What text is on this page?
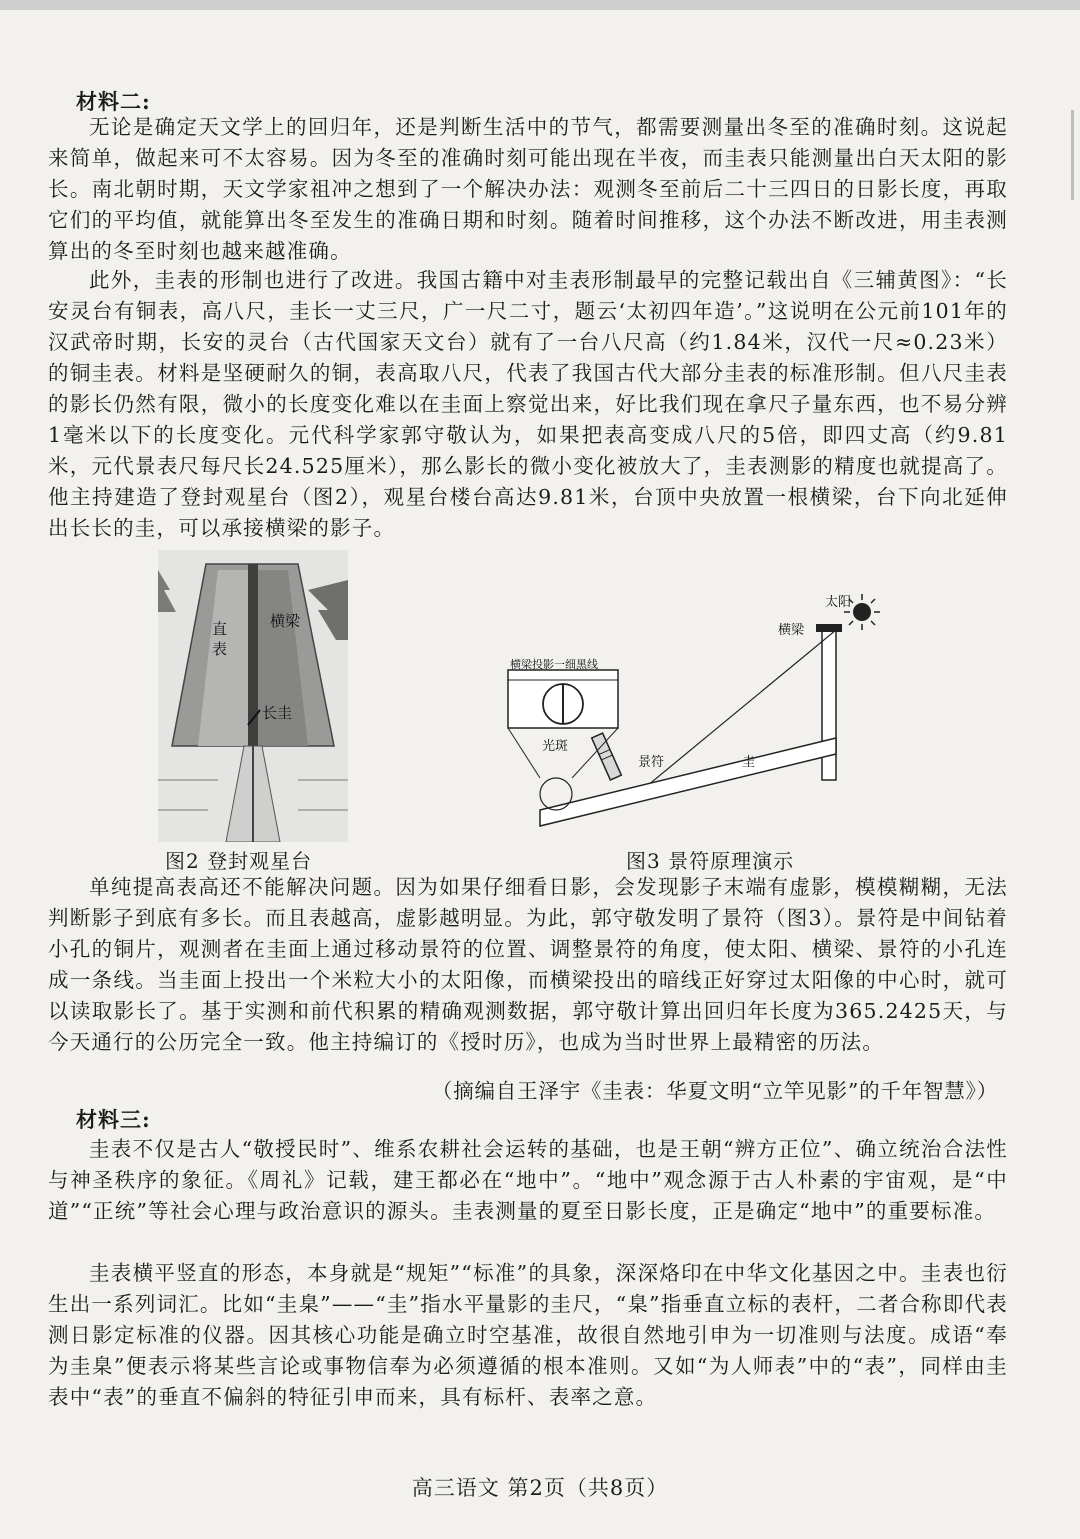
材料二:

无论是确定天文学上的回归年，还是判断生活中的节气，都需要测量出冬至的准确时刻。这说起来简单，做起来可不太容易。因为冬至的准确时刻可能出现在半夜，而圭表只能测量出白天太阳的影长。南北朝时期，天文学家祖冲之想到了一个解决办法：观测冬至前后二十三四日的日影长度，再取它们的平均值，就能算出冬至发生的准确日期和时刻。随着时间推移，这个办法不断改进，用圭表测算出的冬至时刻也越来越准确。

此外，圭表的形制也进行了改进。我国古籍中对圭表形制最早的完整记载出自《三辅黄图》：“长安灵台有铜表，高八尺，圭长一丈三尺，广一尺二寸，题云‘太初四年造’。”这说明在公元前101年的汉武帝时期，长安的灵台（古代国家天文台）就有了一台八尺高（约1.84米，汉代一尺≈0.23米）的铜圭表。材料是坚硬耐久的铜，表高取八尺，代表了我国古代大部分圭表的标准形制。但八尺圭表的影长仍然有限，微小的长度变化难以在圭面上察觉出来，好比我们现在拿尺子量东西，也不易分辨1毫米以下的长度变化。元代科学家郭守敬认为，如果把表高变成八尺的5倍，即四丈高（约9.81米，元代景表尺每尺长24.525厘米），那么影长的微小变化被放大了，圭表测影的精度也就提高了。他主持建造了登封观星台（图2），观星台楼台高达9.81米，台顶中央放置一根横梁，台下向北延伸出长长的圭，可以承接横梁的影子。

直
表
横梁
长圭
图2 登封观星台
太阳
横梁
圭
景符
横梁投影一细黑线
光斑
图3 景符原理演示

单纯提高表高还不能解决问题。因为如果仔细看日影，会发现影子末端有虚影，模模糊糊，无法判断影子到底有多长。而且表越高，虚影越明显。为此，郭守敬发明了景符（图3）。景符是中间钻着小孔的铜片，观测者在圭面上通过移动景符的位置、调整景符的角度，使太阳、横梁、景符的小孔连成一条线。当圭面上投出一个米粒大小的太阳像，而横梁投出的暗线正好穿过太阳像的中心时，就可以读取影长了。基于实测和前代积累的精确观测数据，郭守敬计算出回归年长度为365.2425天，与今天通行的公历完全一致。他主持编订的《授时历》，也成为当时世界上最精密的历法。

（摘编自王泽宇《圭表：华夏文明“立竿见影”的千年智慧》）
材料三:

圭表不仅是古人“敬授民时”、维系农耕社会运转的基础，也是王朝“辨方正位”、确立统治合法性与神圣秩序的象征。《周礼》记载，建王都必在“地中”。“地中”观念源于古人朴素的宇宙观，是“中道”“正统”等社会心理与政治意识的源头。圭表测量的夏至日影长度，正是确定“地中”的重要标准。

圭表横平竖直的形态，本身就是“规矩”“标准”的具象，深深烙印在中华文化基因之中。圭表也衍生出一系列词汇。比如“圭臬”——“圭”指水平量影的圭尺，“臬”指垂直立标的表杆，二者合称即代表测日影定标准的仪器。因其核心功能是确立时空基准，故很自然地引申为一切准则与法度。成语“奉为圭臬”便表示将某些言论或事物信奉为必须遵循的根本准则。又如“为人师表”中的“表”，同样由圭表中“表”的垂直不偏斜的特征引申而来，具有标杆、表率之意。

高三语文 第2页（共8页）
